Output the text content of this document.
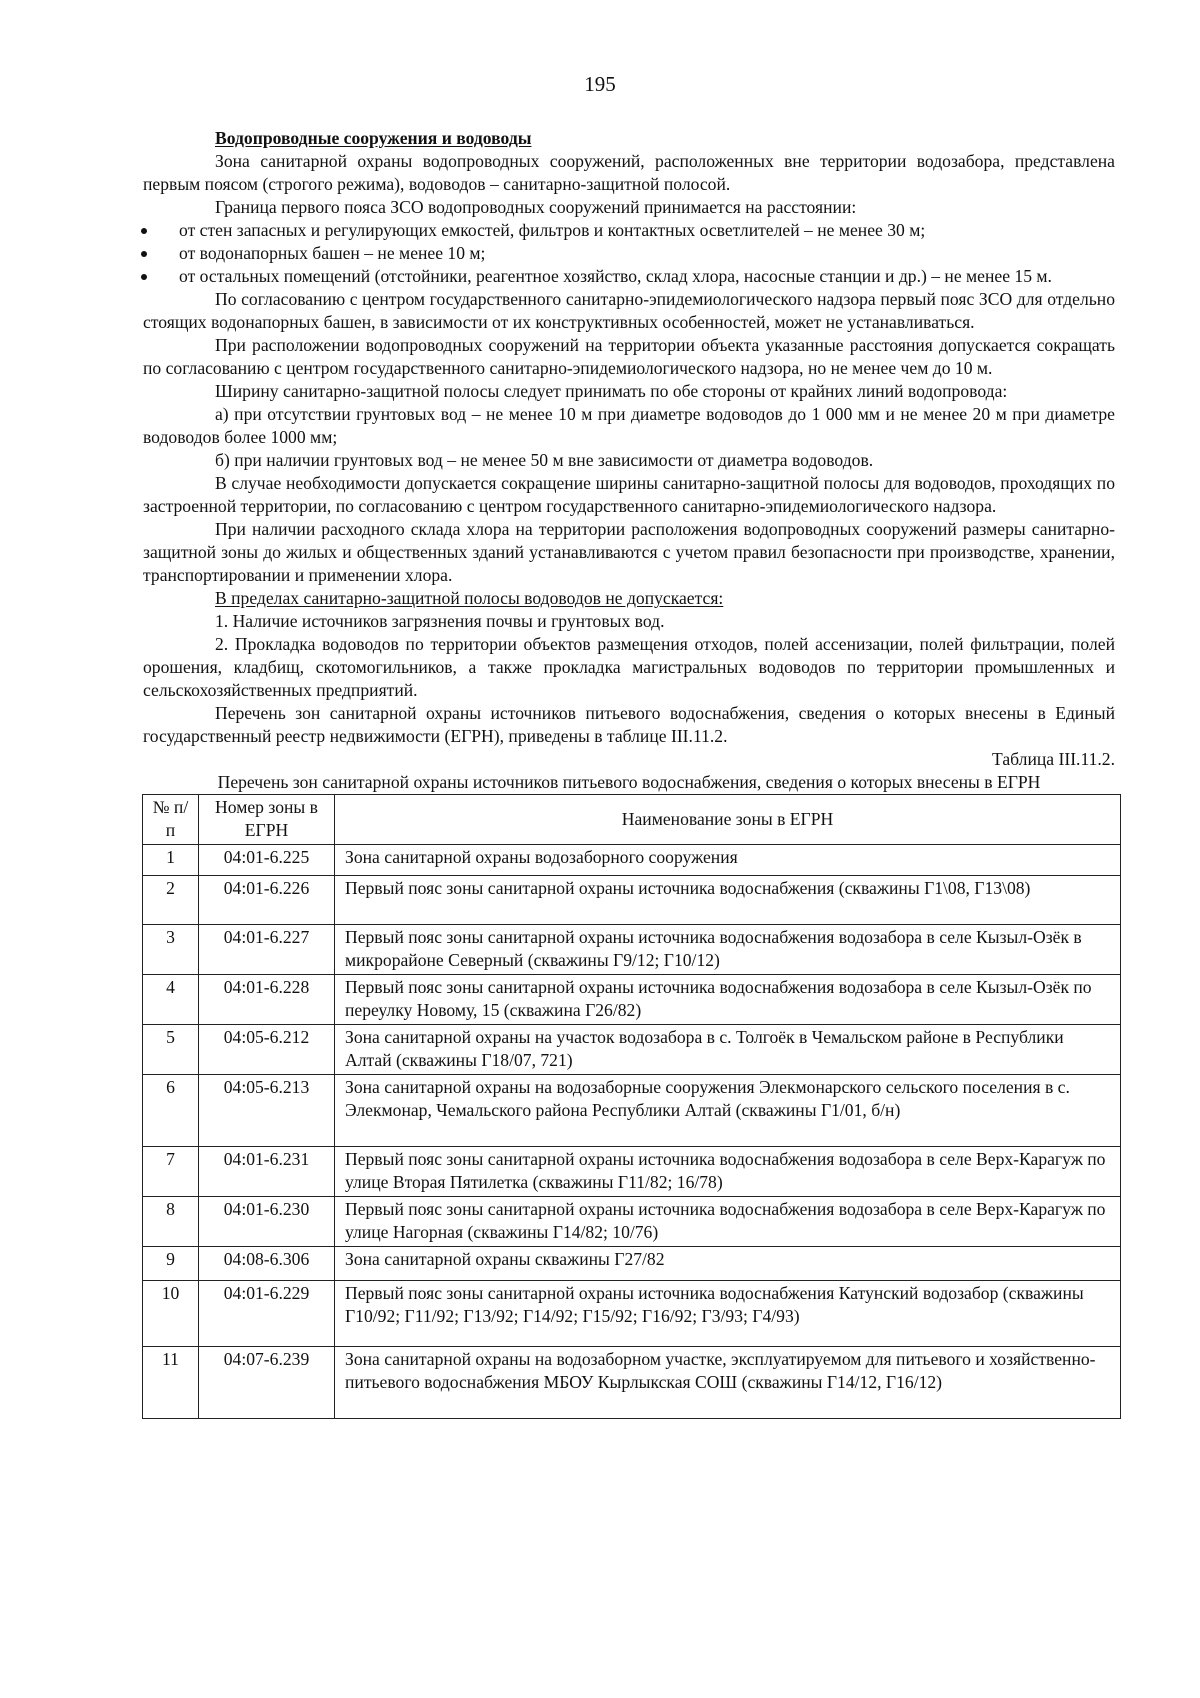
195

Водопроводные сооружения и водоводы

Зона санитарной охраны водопроводных сооружений, расположенных вне территории водозабора, представлена первым поясом (строгого режима), водоводов – санитарно-защитной полосой.

Граница первого пояса ЗСО водопроводных сооружений принимается на расстоянии:

от стен запасных и регулирующих емкостей, фильтров и контактных осветлителей – не менее 30 м;
от водонапорных башен – не менее 10 м;
от остальных помещений (отстойники, реагентное хозяйство, склад хлора, насосные станции и др.) – не менее 15 м.

По согласованию с центром государственного санитарно-эпидемиологического надзора первый пояс ЗСО для отдельно стоящих водонапорных башен, в зависимости от их конструктивных особенностей, может не устанавливаться.

При расположении водопроводных сооружений на территории объекта указанные расстояния допускается сокращать по согласованию с центром государственного санитарно-эпидемиологического надзора, но не менее чем до 10 м.

Ширину санитарно-защитной полосы следует принимать по обе стороны от крайних линий водопровода:

а) при отсутствии грунтовых вод – не менее 10 м при диаметре водоводов до 1 000 мм и не менее 20 м при диаметре водоводов более 1000 мм;

б) при наличии грунтовых вод – не менее 50 м вне зависимости от диаметра водоводов.

В случае необходимости допускается сокращение ширины санитарно-защитной полосы для водоводов, проходящих по застроенной территории, по согласованию с центром государственного санитарно-эпидемиологического надзора.

При наличии расходного склада хлора на территории расположения водопроводных сооружений размеры санитарно-защитной зоны до жилых и общественных зданий устанавливаются с учетом правил безопасности при производстве, хранении, транспортировании и применении хлора.

В пределах санитарно-защитной полосы водоводов не допускается:

1. Наличие источников загрязнения почвы и грунтовых вод.

2. Прокладка водоводов по территории объектов размещения отходов, полей ассенизации, полей фильтрации, полей орошения, кладбищ, скотомогильников, а также прокладка магистральных водоводов по территории промышленных и сельскохозяйственных предприятий.

Перечень зон санитарной охраны источников питьевого водоснабжения, сведения о которых внесены в Единый государственный реестр недвижимости (ЕГРН), приведены в таблице III.11.2.

Таблица III.11.2.

Перечень зон санитарной охраны источников питьевого водоснабжения, сведения о которых внесены в ЕГРН

№ п/п	Номер зоны в ЕГРН	Наименование зоны в ЕГРН
1	04:01-6.225	Зона санитарной охраны водозаборного сооружения
2	04:01-6.226	Первый пояс зоны санитарной охраны источника водоснабжения (скважины Г1\08, Г13\08)
3	04:01-6.227	Первый пояс зоны санитарной охраны источника водоснабжения водозабора в селе Кызыл-Озёк в микрорайоне Северный (скважины Г9/12; Г10/12)
4	04:01-6.228	Первый пояс зоны санитарной охраны источника водоснабжения водозабора в селе Кызыл-Озёк по переулку Новому, 15 (скважина Г26/82)
5	04:05-6.212	Зона санитарной охраны на участок водозабора в с. Толгоёк в Чемальском районе в Республики Алтай (скважины Г18/07, 721)
6	04:05-6.213	Зона санитарной охраны на водозаборные сооружения Элекмонарского сельского поселения в с. Элекмонар, Чемальского района Республики Алтай (скважины Г1/01, б/н)
7	04:01-6.231	Первый пояс зоны санитарной охраны источника водоснабжения водозабора в селе Верх-Карагуж по улице Вторая Пятилетка (скважины Г11/82; 16/78)
8	04:01-6.230	Первый пояс зоны санитарной охраны источника водоснабжения водозабора в селе Верх-Карагуж по улице Нагорная (скважины Г14/82; 10/76)
9	04:08-6.306	Зона санитарной охраны скважины Г27/82
10	04:01-6.229	Первый пояс зоны санитарной охраны источника водоснабжения Катунский водозабор (скважины Г10/92; Г11/92; Г13/92; Г14/92; Г15/92; Г16/92; Г3/93; Г4/93)
11	04:07-6.239	Зона санитарной охраны на водозаборном участке, эксплуатируемом для питьевого и хозяйственно-питьевого водоснабжения МБОУ Кырлыкская СОШ (скважины Г14/12, Г16/12)
